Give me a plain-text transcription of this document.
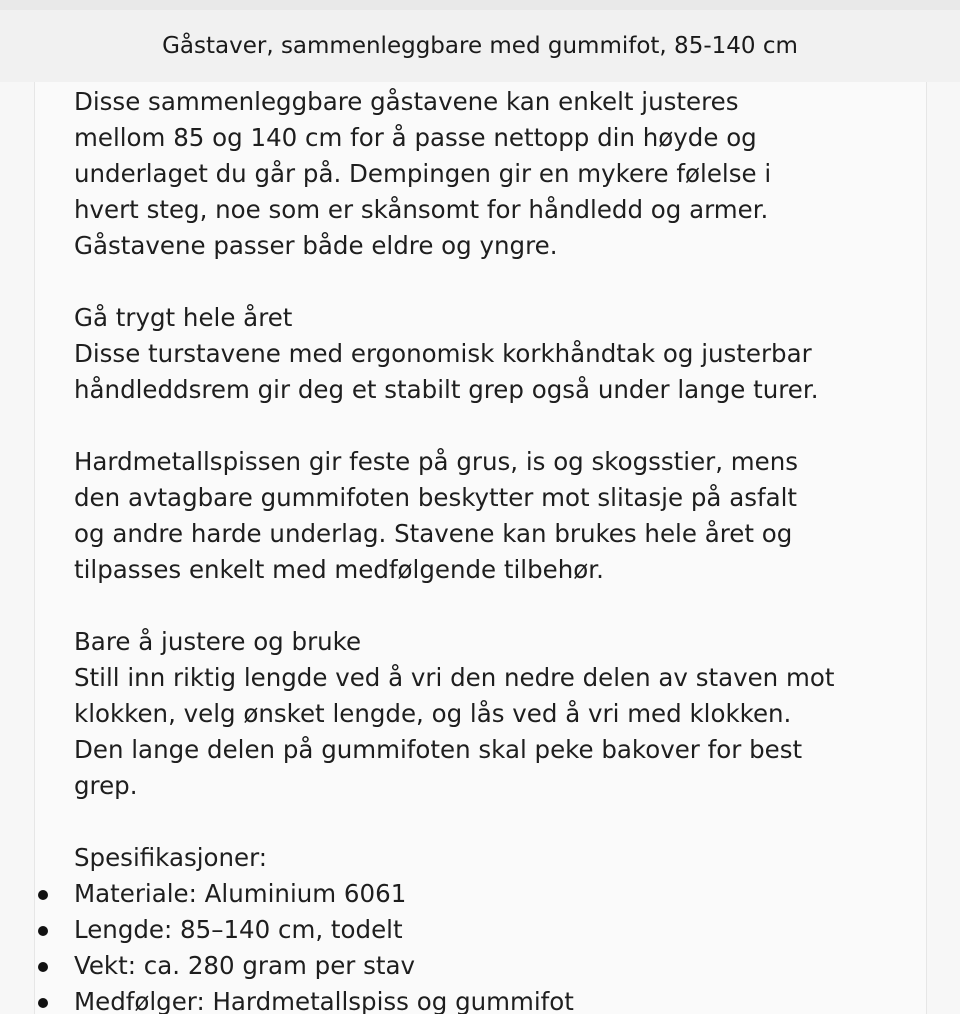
Gåstaver, sammenleggbare med gummifot, 85-140 cm

Disse sammenleggbare gåstavene kan enkelt justeres
mellom 85 og 140 cm for å passe nettopp din høyde og
underlaget du går på. Dempingen gir en mykere følelse i
hvert steg, noe som er skånsomt for håndledd og armer.
Gåstavene passer både eldre og yngre.

Gå trygt hele året
Disse turstavene med ergonomisk korkhåndtak og justerbar
håndleddsrem gir deg et stabilt grep også under lange turer.

Hardmetallspissen gir feste på grus, is og skogsstier, mens
den avtagbare gummifoten beskytter mot slitasje på asfalt
og andre harde underlag. Stavene kan brukes hele året og
tilpasses enkelt med medfølgende tilbehør.

Bare å justere og bruke
Still inn riktig lengde ved å vri den nedre delen av staven mot
klokken, velg ønsket lengde, og lås ved å vri med klokken.
Den lange delen på gummifoten skal peke bakover for best
grep.

Spesifikasjoner:

Materiale: Aluminium 6061
Lengde: 85–140 cm, todelt
Vekt: ca. 280 gram per stav
Medfølger: Hardmetallspiss og gummifot
